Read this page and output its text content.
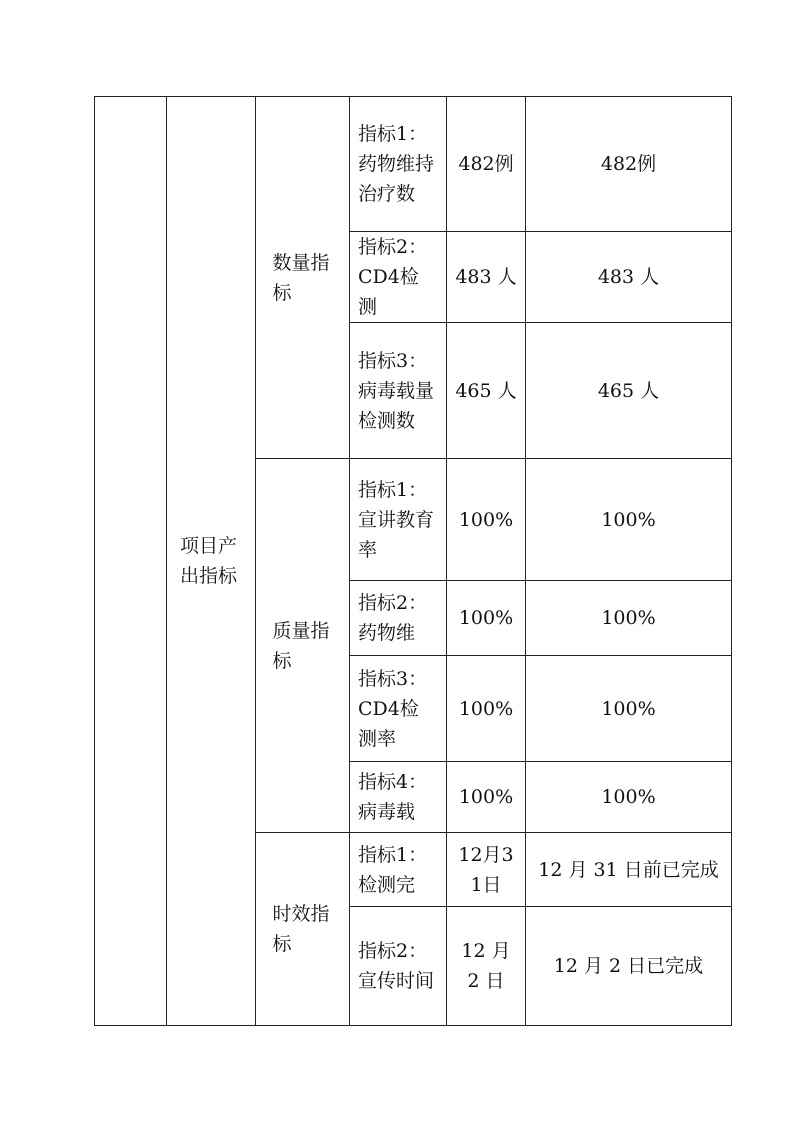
	项目产出指标	数量指标	指标1：药物维持治疗数	482例	482例

			指标2：CD4检测	483 人	483 人

			指标3：病毒载量检测数	465 人	465 人

		质量指标	指标1：宣讲教育率	100%	100%

			指标2：药物维	100%	100%

			指标3：CD4检测率	100%	100%

			指标4：病毒载	100%	100%

		时效指标	指标1：检测完	12月31日	12 月 31 日前已完成

			指标2：宣传时间	12 月 2 日	12 月 2 日已完成
